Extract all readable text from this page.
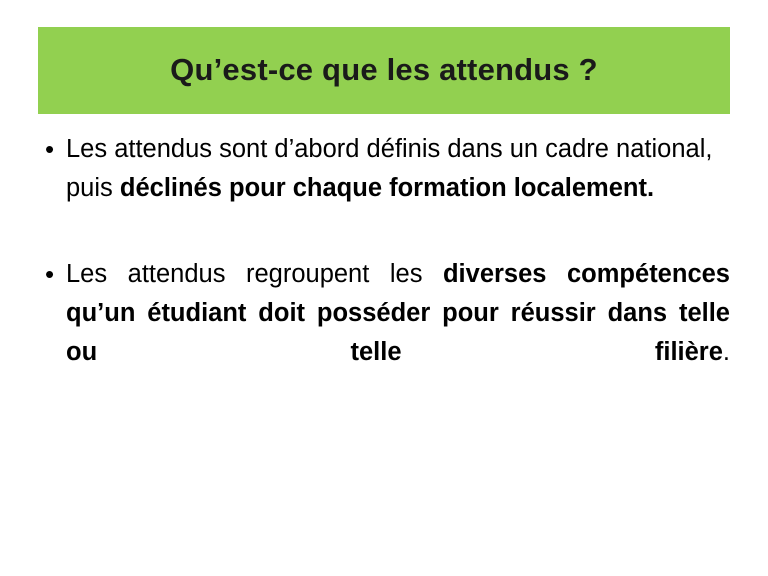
Qu’est-ce que les attendus ?
• Les attendus sont d’abord définis dans un cadre national, puis déclinés pour chaque formation localement.
• Les attendus regroupent les diverses compétences qu’un étudiant doit posséder pour réussir dans telle ou telle filière.
